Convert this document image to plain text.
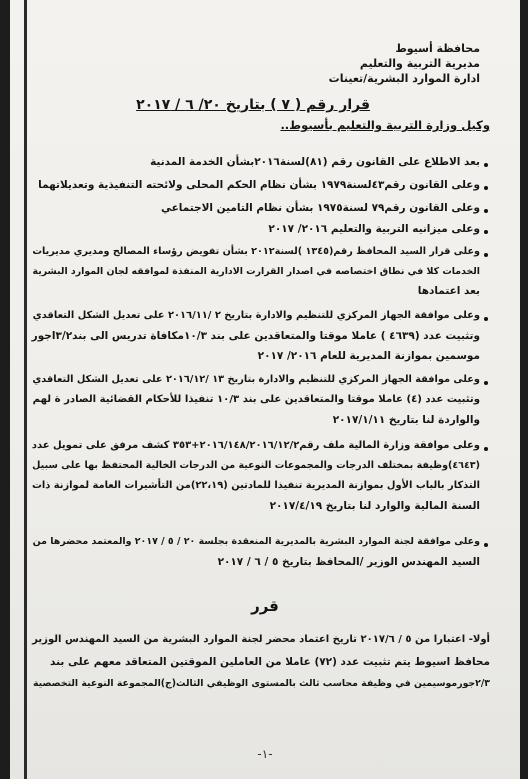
محافظة أسيوط
مديرية التربية والتعليم
ادارة الموارد البشرية/تعينات
قرار رقم ( ٧ ) بتاريخ ٢٠/ ٦ / ٢٠١٧
وكيل وزارة التربية والتعليم بأسيوط..
بعد الاطلاع على القانون رقم (٨١)لسنة٢٠١٦بشأن الخدمة المدنية
وعلى القانون رقم٤٣لسنة١٩٧٩ بشأن نظام الحكم المحلى ولائحته التنفيذية وتعديلاتهما
وعلى القانون رقم٧٩ لسنة١٩٧٥ بشأن نظام التامين الاجتماعي
وعلى ميزانيه التربية والتعليم ٢٠١٦/ ٢٠١٧
وعلى قرار السيد المحافظ رقم(١٣٤٥ )لسنة٢٠١٢ بشأن تفويض رؤساء المصالح ومديري مديريات
الخدمات كلا في نطاق اختصاصه في اصدار القرارت الادارية المنفذة لموافقه لجان الموارد البشرية
بعد اعتمادها
وعلى موافقة الجهاز المركزي للتنظيم والادارة بتاريخ ٢ /٢٠١٦/١١ على تعديل الشكل التعاقدي
وتثبيت عدد (٤٦٣٩ ) عاملا موقتا والمتعاقدين على بند ١٠/٣مكافاة تدريس الى بند٣/٢اجور
موسمين بموازنة المديرية للعام ٢٠١٦/ ٢٠١٧
وعلى موافقة الجهاز المركزي للتنظيم والادارة بتاريخ ١٣ /٢٠١٦/١٢ على تعديل الشكل التعاقدي
وتثبيت عدد (٤) عاملا موقتا والمتعاقدين على بند ١٠/٣ تنفيذا للأحكام القضائية الصادر ة لهم
والواردة لنا بتاريخ ٢٠١٧/١/١١
وعلى موافقة وزارة المالية ملف رقم٢٠١٦/١٤٨/٢٠١٦/١٢/٢+٣٥٣ كشف مرفق على تمويل عدد
(٤٦٤٣)وظيفة بمختلف الدرجات والمجموعات النوعية من الدرجات الخالية المحتفظ بها على سبيل
التذكار بالباب الأول بموازنة المديرية تنفيذا للمادتين (٢٢،١٩)من التأشيرات العامة لموازنة ذات
السنة المالية والوارد لنا بتاريخ ٢٠١٧/٤/١٩
وعلى موافقة لجنة الموارد البشرية بالمديرية المنعقدة بجلسة ٢٠ / ٥ / ٢٠١٧ والمعتمد محضرها من
السيد المهندس الوزير /المحافظ بتاريخ ٥ / ٦ / ٢٠١٧
قرر
أولا- اعتبارا من ٥ / ٢٠١٧/٦ تاريخ اعتماد محضر لجنة الموارد البشرية من السيد المهندس الوزير
محافظ اسيوط يتم تثبيت عدد (٧٢) عاملا من العاملين الموقتين المتعاقد معهم على بند
٢/٣جورموسيمين في وظيفة محاسب ثالث بالمستوى الوظيفي الثالث(ج)المجموعة النوعية التخصصية
-١-
